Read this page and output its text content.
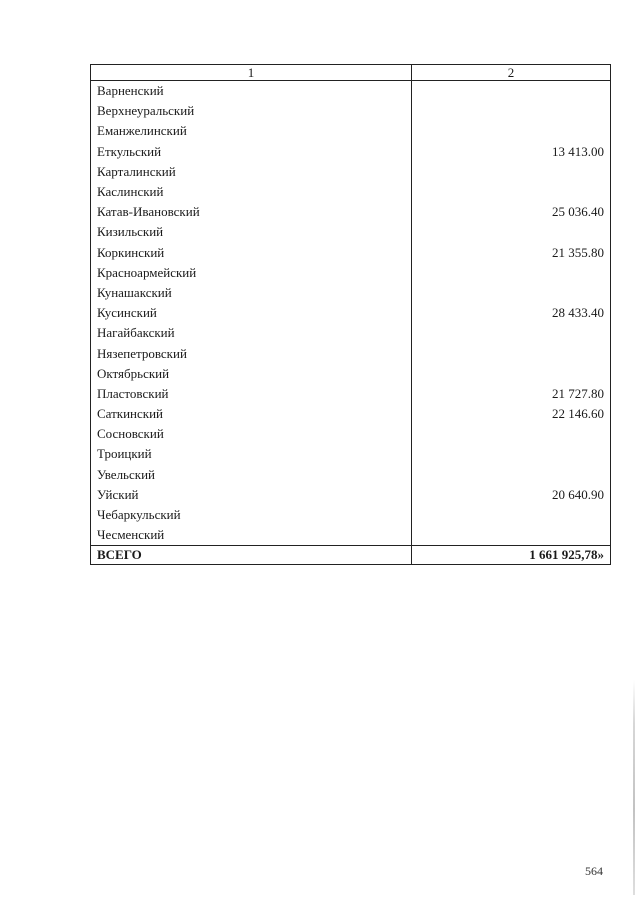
1	2
Варненский	
Верхнеуральский	
Еманжелинский	
Еткульский	13 413.00
Карталинский	
Каслинский	
Катав-Ивановский	25 036.40
Кизильский	
Коркинский	21 355.80
Красноармейский	
Кунашакский	
Кусинский	28 433.40
Нагайбакский	
Нязепетровский	
Октябрьский	
Пластовский	21 727.80
Саткинский	22 146.60
Сосновский	
Троицкий	
Увельский	
Уйский	20 640.90
Чебаркульский	
Чесменский	
ВСЕГО	1 661 925,78»
564
